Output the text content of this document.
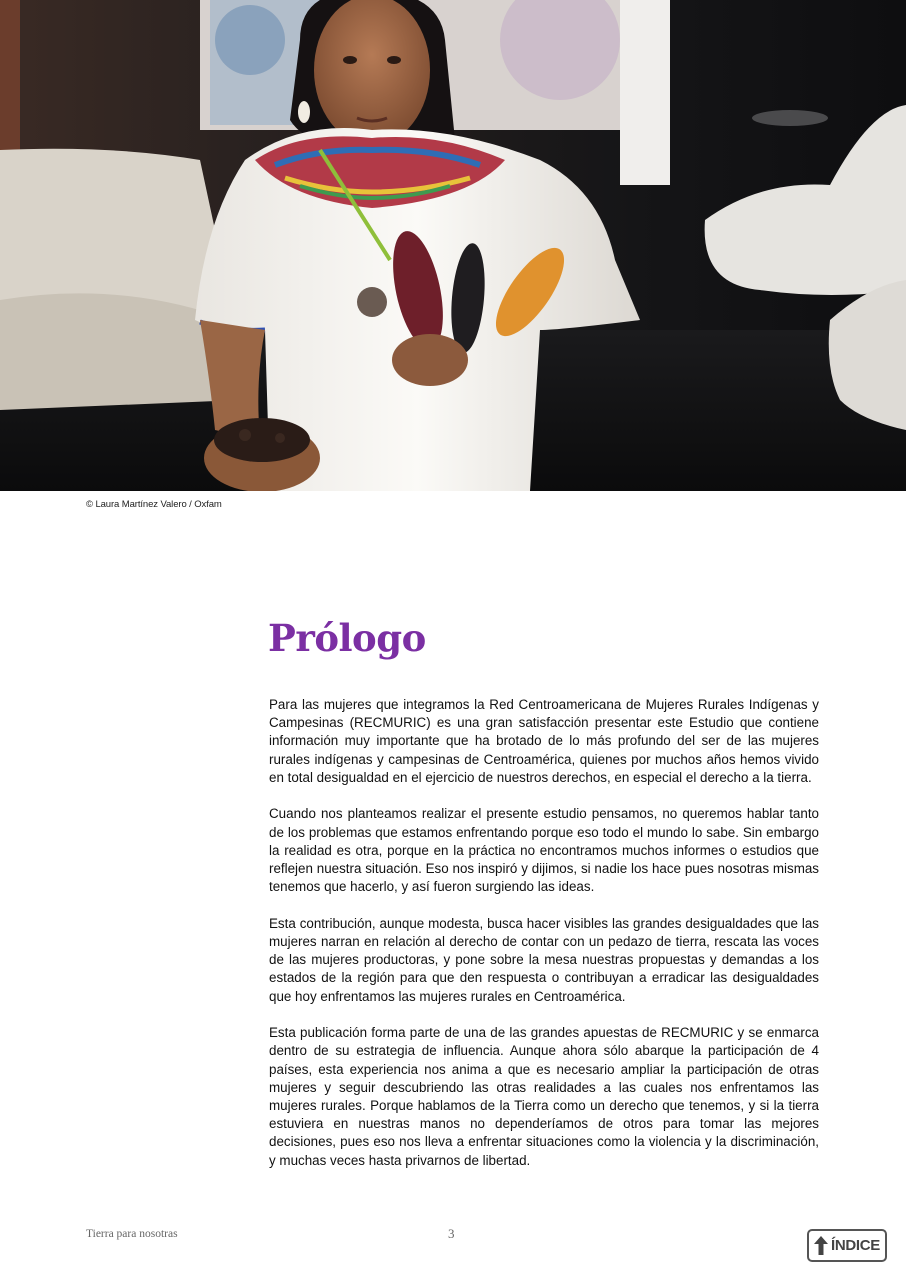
© Laura Martínez Valero / Oxfam
Prólogo

Para las mujeres que integramos la Red Centroamericana de Mujeres Rurales Indígenas y Campesinas (RECMURIC) es una gran satisfacción presentar este Estudio que contiene información muy importante que ha brotado de lo más profundo del ser de las mujeres rurales indígenas y campesinas de Centroamérica, quienes por muchos años hemos vivido en total desigualdad en el ejercicio de nuestros derechos, en especial el derecho a la tierra.

Cuando nos planteamos realizar el presente estudio pensamos, no queremos hablar tanto de los problemas que estamos enfrentando porque eso todo el mundo lo sabe. Sin embargo la realidad es otra, porque en la práctica no encontramos muchos informes o estudios que reflejen nuestra situación. Eso nos inspiró y dijimos, si nadie los hace pues nosotras mismas tenemos que hacerlo, y así fueron surgiendo las ideas.

Esta contribución, aunque modesta, busca hacer visibles las grandes desigualdades que las mujeres narran en relación al derecho de contar con un pedazo de tierra, rescata las voces de las mujeres productoras, y pone sobre la mesa nuestras propuestas y demandas a los estados de la región para que den respuesta o contribuyan a erradicar las desigualdades que hoy enfrentamos las mujeres rurales en Centroamérica.

Esta publicación forma parte de una de las grandes apuestas de RECMURIC y se enmarca dentro de su estrategia de influencia. Aunque ahora sólo abarque la participación de 4 países, esta experiencia nos anima a que es necesario ampliar la participación de otras mujeres y seguir descubriendo las otras realidades a las cuales nos enfrentamos las mujeres rurales. Porque hablamos de la Tierra como un derecho que tenemos, y si la tierra estuviera en nuestras manos no dependeríamos de otros para tomar las mejores decisiones, pues eso nos lleva a enfrentar situaciones como la violencia y la discriminación, y muchas veces hasta privarnos de libertad.

Tierra para nosotras	3
ÍNDICE
